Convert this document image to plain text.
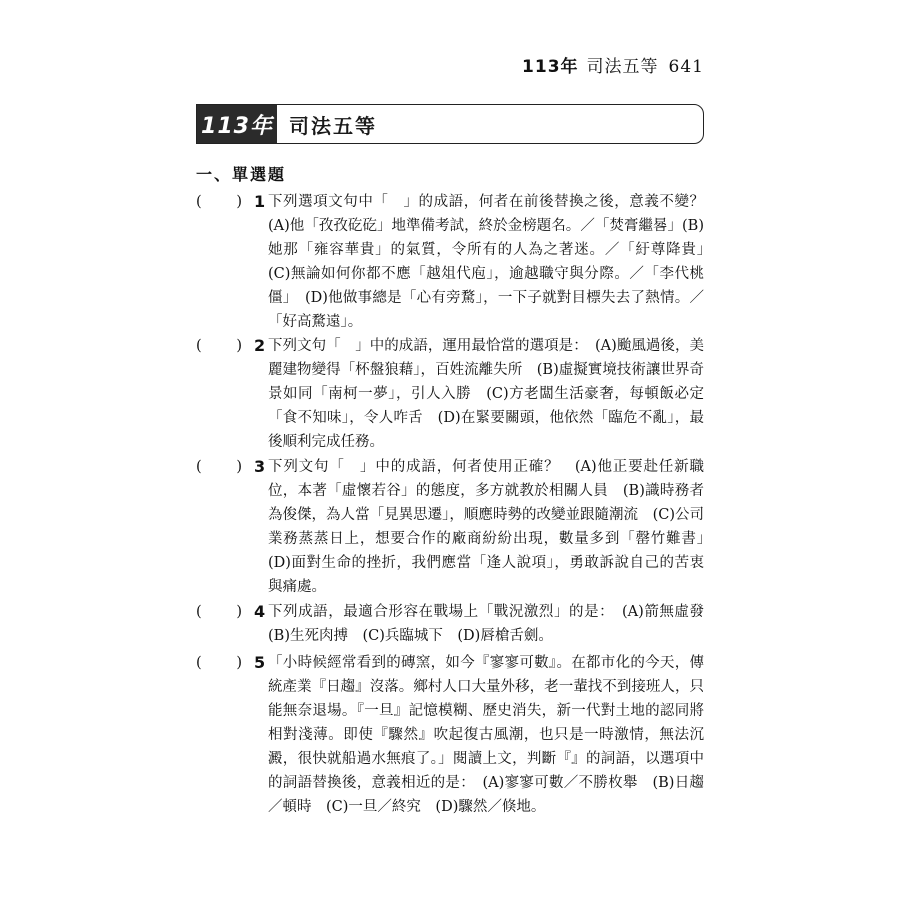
113年 司法五等 641
113年 司法五等
一、單選題
( ) 1 下列選項文句中「　」的成語，何者在前後替換之後，意義不變？(A)他「孜孜矻矻」地準備考試，終於金榜題名。／「焚膏繼晷」(B)她那「雍容華貴」的氣質，令所有的人為之著迷。／「紆尊降貴」　(C)無論如何你都不應「越俎代庖」，逾越職守與分際。／「李代桃僵」　(D)他做事總是「心有旁騖」，一下子就對目標失去了熱情。／「好高騖遠」。
( ) 2 下列文句「　」中的成語，運用最恰當的選項是：　(A)颱風過後，美麗建物變得「杯盤狼藉」，百姓流離失所　(B)虛擬實境技術讓世界奇景如同「南柯一夢」，引人入勝　(C)方老闆生活豪奢，每頓飯必定「食不知味」，令人咋舌　(D)在緊要關頭，他依然「臨危不亂」，最後順利完成任務。
( ) 3 下列文句「　」中的成語，何者使用正確？　(A)他正要赴任新職位，本著「虛懷若谷」的態度，多方就教於相關人員　(B)識時務者為俊傑，為人當「見異思遷」，順應時勢的改變並跟隨潮流　(C)公司業務蒸蒸日上，想要合作的廠商紛紛出現，數量多到「罄竹難書」　(D)面對生命的挫折，我們應當「逢人說項」，勇敢訴說自己的苦衷與痛處。
( ) 4 下列成語，最適合形容在戰場上「戰況激烈」的是：　(A)箭無虛發　(B)生死肉搏　(C)兵臨城下　(D)唇槍舌劍。
( ) 5 「小時候經常看到的磚窯，如今『寥寥可數』。在都市化的今天，傳統產業『日趨』沒落。鄉村人口大量外移，老一輩找不到接班人，只能無奈退場。『一旦』記憶模糊、歷史消失，新一代對土地的認同將相對淺薄。即使『驟然』吹起復古風潮，也只是一時激情，無法沉澱，很快就船過水無痕了。」閱讀上文，判斷『』的詞語，以選項中的詞語替換後，意義相近的是：　(A)寥寥可數／不勝枚舉　(B)日趨／頓時　(C)一旦／終究　(D)驟然／倏地。
